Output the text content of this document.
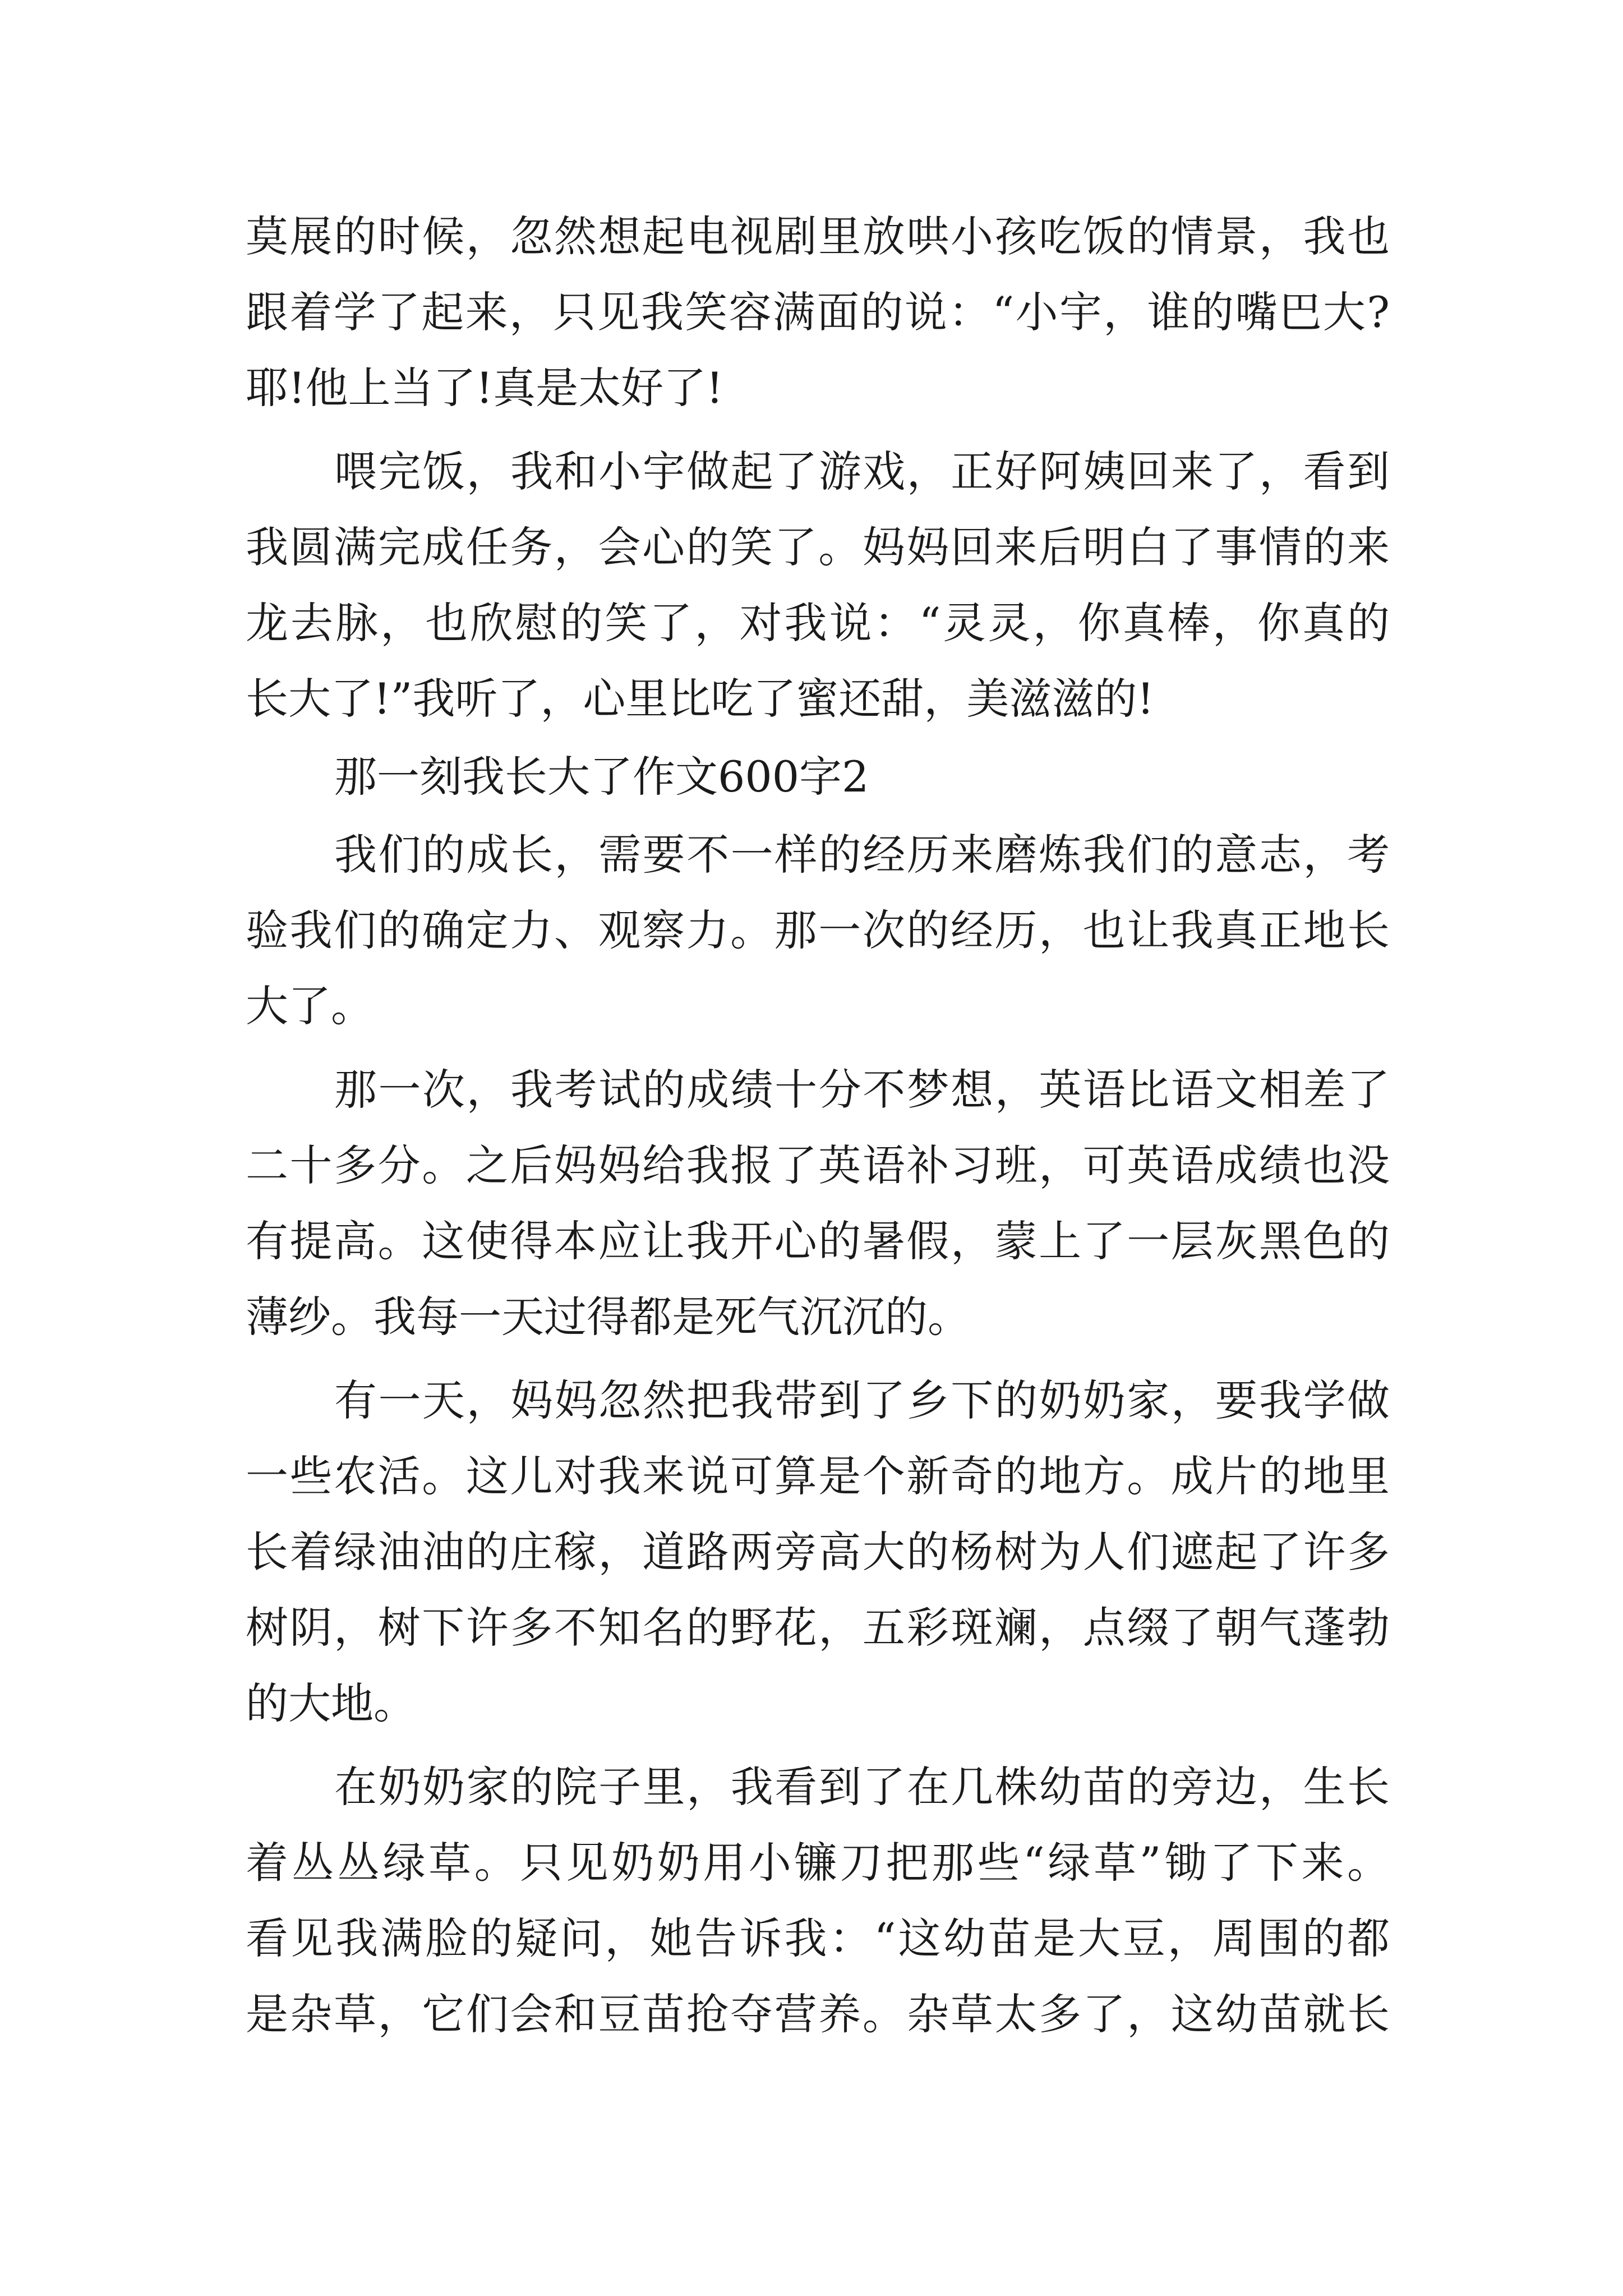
莫展的时候，忽然想起电视剧里放哄小孩吃饭的情景，我也
跟着学了起来，只见我笑容满面的说：“小宇，谁的嘴巴大?
耶!他上当了!真是太好了!
喂完饭，我和小宇做起了游戏，正好阿姨回来了，看到
我圆满完成任务，会心的笑了。妈妈回来后明白了事情的来
龙去脉，也欣慰的笑了，对我说：“灵灵，你真棒，你真的
长大了!”我听了，心里比吃了蜜还甜，美滋滋的!
那一刻我长大了作文600字2
我们的成长，需要不一样的经历来磨炼我们的意志，考
验我们的确定力、观察力。那一次的经历，也让我真正地长
大了。
那一次，我考试的成绩十分不梦想，英语比语文相差了
二十多分。之后妈妈给我报了英语补习班，可英语成绩也没
有提高。这使得本应让我开心的暑假，蒙上了一层灰黑色的
薄纱。我每一天过得都是死气沉沉的。
有一天，妈妈忽然把我带到了乡下的奶奶家，要我学做
一些农活。这儿对我来说可算是个新奇的地方。成片的地里
长着绿油油的庄稼，道路两旁高大的杨树为人们遮起了许多
树阴，树下许多不知名的野花，五彩斑斓，点缀了朝气蓬勃
的大地。
在奶奶家的院子里，我看到了在几株幼苗的旁边，生长
着丛丛绿草。只见奶奶用小镰刀把那些“绿草”锄了下来。
看见我满脸的疑问，她告诉我：“这幼苗是大豆，周围的都
是杂草，它们会和豆苗抢夺营养。杂草太多了，这幼苗就长
